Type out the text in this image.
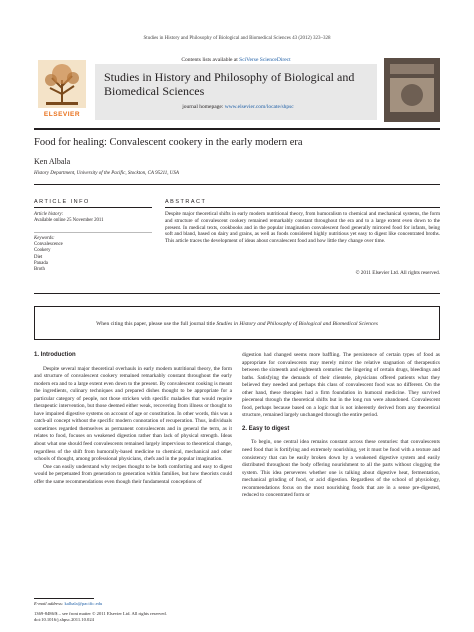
Studies in History and Philosophy of Biological and Biomedical Sciences 43 (2012) 323–328
Contents lists available at SciVerse ScienceDirect
ELSEVIER
Studies in History and Philosophy of Biological and Biomedical Sciences
journal homepage: www.elsevier.com/locate/shpsc
Food for healing: Convalescent cookery in the early modern era
Ken Albala
History Department, University of the Pacific, Stockton, CA 95211, USA
ARTICLE INFO
Article history:
Available online 25 November 2011
Keywords:
Convalescence
Cookery
Diet
Panada
Broth
ABSTRACT
Despite major theoretical shifts in early modern nutritional theory, from humoralism to chemical and mechanical systems, the form and structure of convalescent cookery remained remarkably constant throughout the era and to a large extent even down to the present. In medical texts, cookbooks and in the popular imagination convalescent food generally mirrored food for infants, being soft and bland, based on dairy and grains, as well as foods considered highly nutritious yet easy to digest like concentrated broths. This article traces the development of ideas about convalescent food and how little they change over time.
© 2011 Elsevier Ltd. All rights reserved.
When citing this paper, please use the full journal title Studies in History and Philosophy of Biological and Biomedical Sciences
1. Introduction

Despite several major theoretical overhauls in early modern nutritional theory, the form and structure of convalescent cookery remained remarkably constant throughout the early modern era and to a large extent even down to the present. By convalescent cooking is meant the ingredients, culinary techniques and prepared dishes thought to be appropriate for a particular category of people, not those stricken with specific maladies that would require therapeutic intervention, but those deemed either weak, recovering from illness or thought to have impaired digestive systems on account of age or constitution. In other words, this was a catch-all concept without the specific modern connotation of recuperation. Thus, individuals sometimes regarded themselves as permanent convalescents and in general the term, as it relates to food, focuses on weakened digestion rather than lack of physical strength. Ideas about what one should feed convalescents remained largely impervious to theoretical change, regardless of the shift from humorally-based medicine to chemical, mechanical and other schools of thought, among professional physicians, chefs and in the popular imagination.

One can easily understand why recipes thought to be both comforting and easy to digest would be perpetuated from generation to generation within families, but how theorists could offer the same recommendations even though their fundamental conceptions of

digestion had changed seems more baffling. The persistence of certain types of food as appropriate for convalescents may merely mirror the relative stagnation of therapeutics between the sixteenth and eighteenth centuries: the lingering of certain drugs, bleedings and baths. Satisfying the demands of their clientele, physicians offered patients what they believed they needed and perhaps this class of convalescent food was no different. On the other hand, these therapies had a firm foundation in humoral medicine. They survived piecemeal through the theoretical shifts but in the long run were abandoned. Convalescent food, perhaps because based on a logic that is not inherently derived from any theoretical structure, remained largely unchanged through the entire period.

2. Easy to digest

To begin, one central idea remains constant across these centuries: that convalescents need food that is fortifying and extremely nourishing, yet it must be food with a texture and consistency that can be easily broken down by a weakened digestive system and easily distributed throughout the body offering nourishment to all the parts without clogging the system. This idea perseveres whether one is talking about digestive heat, fermentation, mechanical grinding of food, or acid digestion. Regardless of the school of physiology, recommendations focus on the most nourishing foods that are in a sense pre-digested, reduced to concentrated form or

E-mail address: kalbala@pacific.edu
1369-8486/$ – see front matter © 2011 Elsevier Ltd. All rights reserved.
doi:10.1016/j.shpsc.2011.10.024
